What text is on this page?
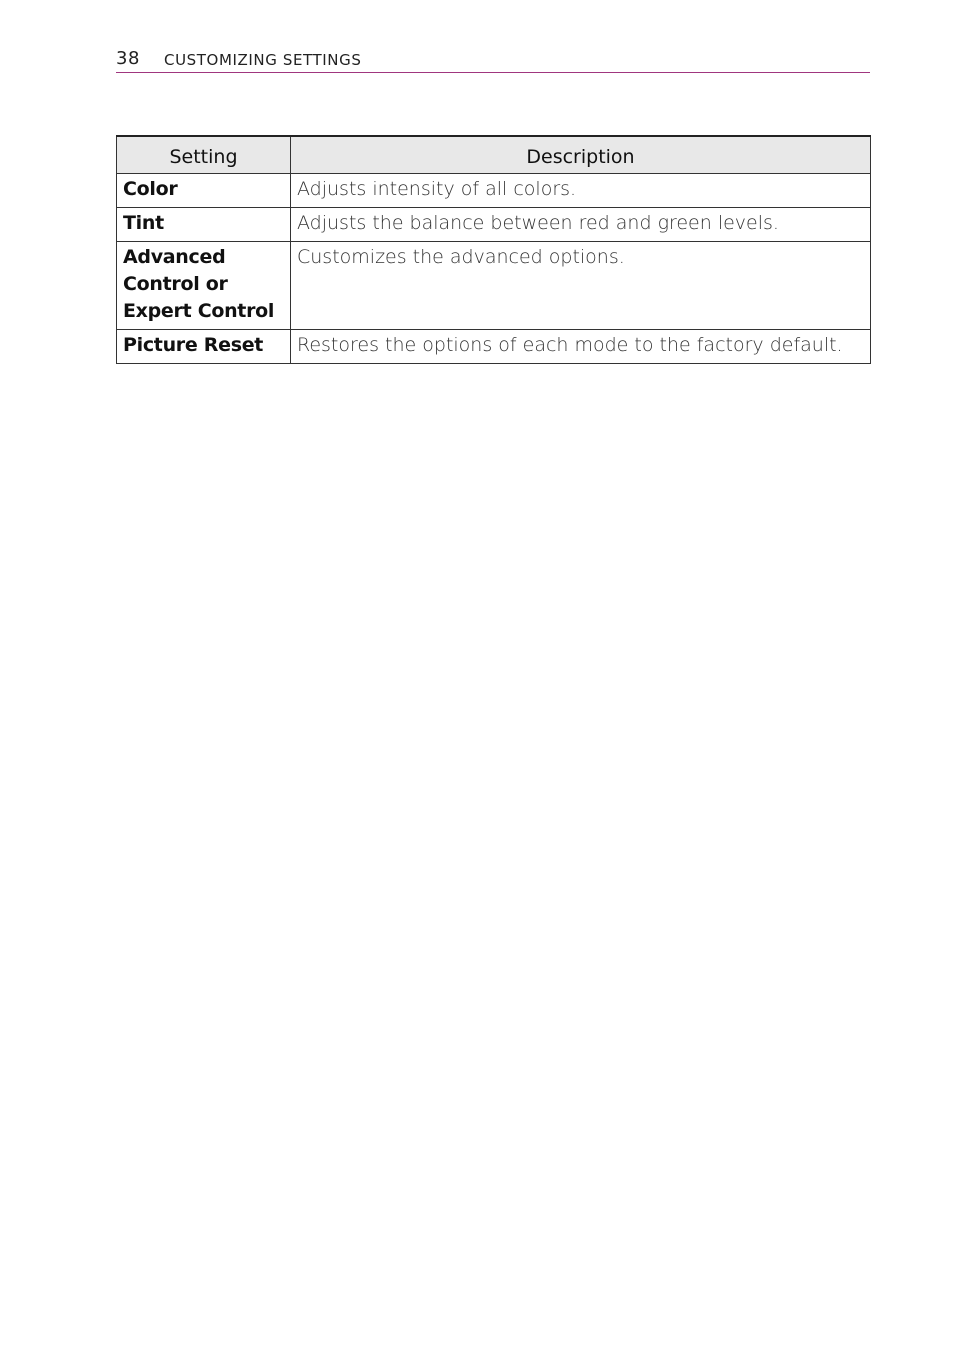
38 CUSTOMIZING SETTINGS
Setting	Description
Color	Adjusts intensity of all colors.
Tint	Adjusts the balance between red and green levels.
Advanced Control or Expert Control	Customizes the advanced options.
Picture Reset	Restores the options of each mode to the factory default.
